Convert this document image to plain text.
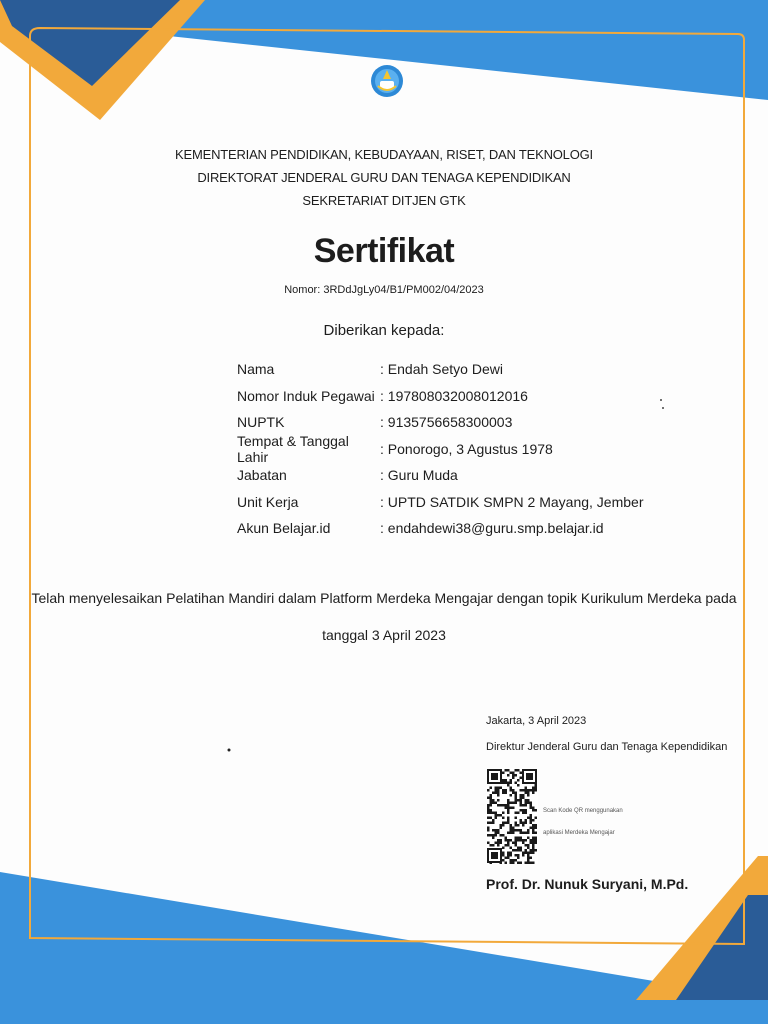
KEMENTERIAN PENDIDIKAN, KEBUDAYAAN, RISET, DAN TEKNOLOGI
DIREKTORAT JENDERAL GURU DAN TENAGA KEPENDIDIKAN
SEKRETARIAT DITJEN GTK
Sertifikat
Nomor: 3RDdJgLy04/B1/PM002/04/2023
Diberikan kepada:
Nama	: Endah Setyo Dewi
Nomor Induk Pegawai : 197808032008012016
NUPTK	: 9135756658300003
Tempat & Tanggal Lahir	: Ponorogo, 3 Agustus 1978
Jabatan	: Guru Muda
Unit Kerja	: UPTD SATDIK SMPN 2 Mayang, Jember
Akun Belajar.id	: endahdewi38@guru.smp.belajar.id
Telah menyelesaikan Pelatihan Mandiri dalam Platform Merdeka Mengajar dengan topik Kurikulum Merdeka pada
tanggal 3 April 2023
Jakarta, 3 April 2023
Direktur Jenderal Guru dan Tenaga Kependidikan
Scan Kode QR menggunakan
aplikasi Merdeka Mengajar
Prof. Dr. Nunuk Suryani, M.Pd.
